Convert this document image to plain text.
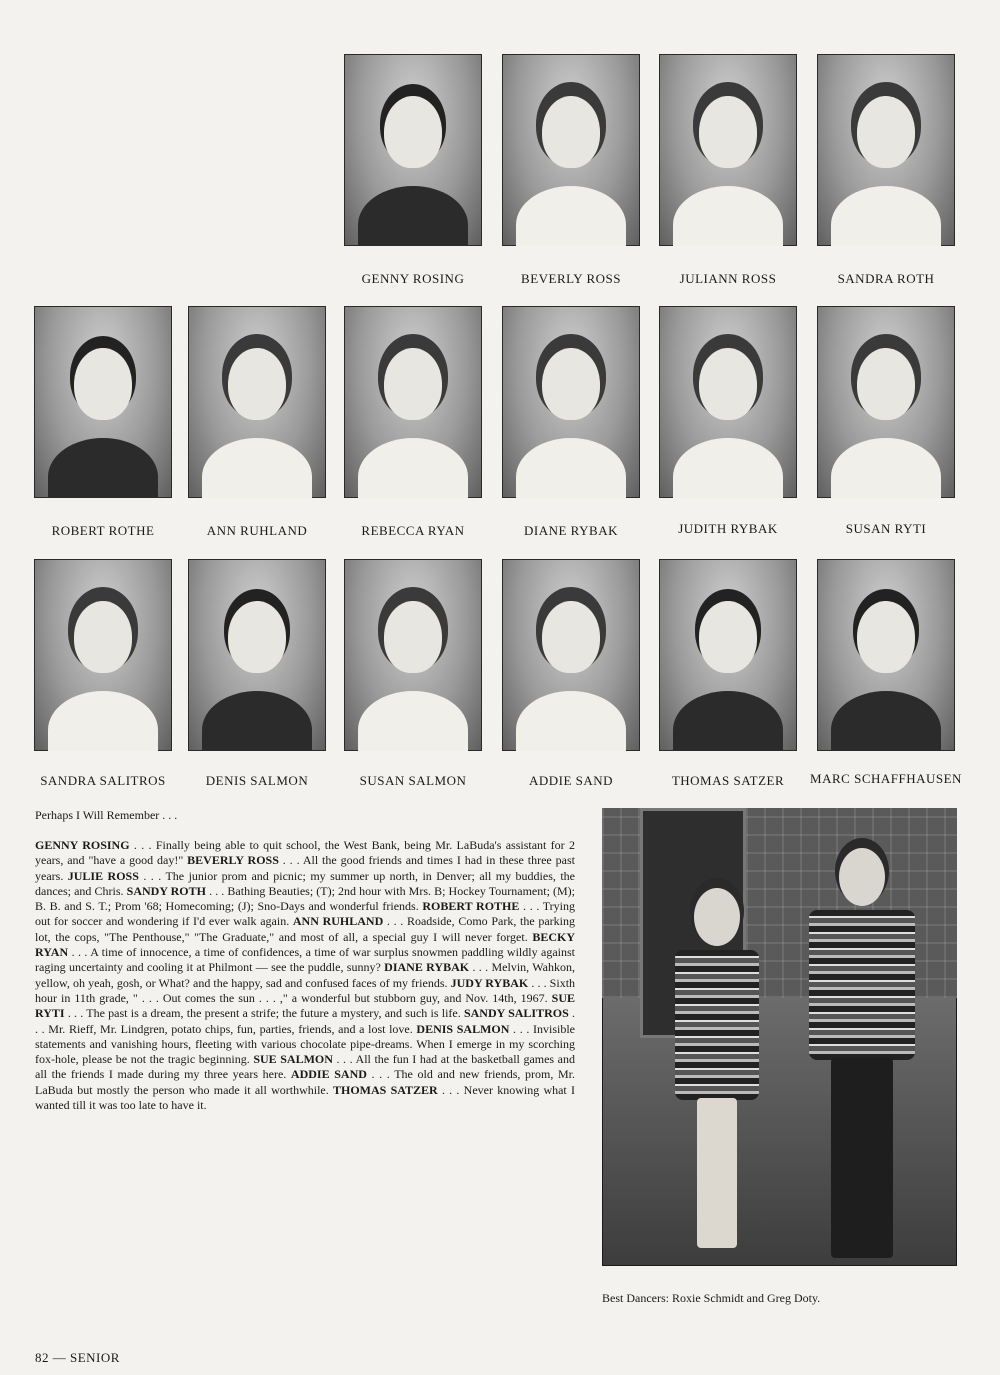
GENNY ROSING	BEVERLY ROSS	JULIANN ROSS	SANDRA ROTH
ROBERT ROTHE	ANN RUHLAND	REBECCA RYAN	DIANE RYBAK	JUDITH RYBAK	SUSAN RYTI
SANDRA SALITROS	DENIS SALMON	SUSAN SALMON	ADDIE SAND	THOMAS SATZER	MARC SCHAFFHAUSEN
Perhaps I Will Remember . . .
GENNY ROSING . . . Finally being able to quit school, the West Bank, being Mr. LaBuda's assistant for 2 years, and "have a good day!" BEVERLY ROSS . . . All the good friends and times I had in these three past years. JULIE ROSS . . . The junior prom and picnic; my summer up north, in Denver; all my buddies, the dances; and Chris. SANDY ROTH . . . Bathing Beauties; (T); 2nd hour with Mrs. B; Hockey Tournament; (M); B. B. and S. T.; Prom '68; Homecoming; (J); Sno-Days and wonderful friends. ROBERT ROTHE . . . Trying out for soccer and wondering if I'd ever walk again. ANN RUHLAND . . . Roadside, Como Park, the parking lot, the cops, "The Penthouse," "The Graduate," and most of all, a special guy I will never forget. BECKY RYAN . . . A time of innocence, a time of confidences, a time of war surplus snowmen paddling wildly against raging uncertainty and cooling it at Philmont — see the puddle, sunny? DIANE RYBAK . . . Melvin, Wahkon, yellow, oh yeah, gosh, or What? and the happy, sad and confused faces of my friends. JUDY RYBAK . . . Sixth hour in 11th grade, " . . . Out comes the sun . . . ," a wonderful but stubborn guy, and Nov. 14th, 1967. SUE RYTI . . . The past is a dream, the present a strife; the future a mystery, and such is life. SANDY SALITROS . . . Mr. Rieff, Mr. Lindgren, potato chips, fun, parties, friends, and a lost love. DENIS SALMON . . . Invisible statements and vanishing hours, fleeting with various chocolate pipe-dreams. When I emerge in my scorching fox-hole, please be not the tragic beginning. SUE SALMON . . . All the fun I had at the basketball games and all the friends I made during my three years here. ADDIE SAND . . . The old and new friends, prom, Mr. LaBuda but mostly the person who made it all worthwhile. THOMAS SATZER . . . Never knowing what I wanted till it was too late to have it.
Best Dancers: Roxie Schmidt and Greg Doty.
82 — SENIOR
